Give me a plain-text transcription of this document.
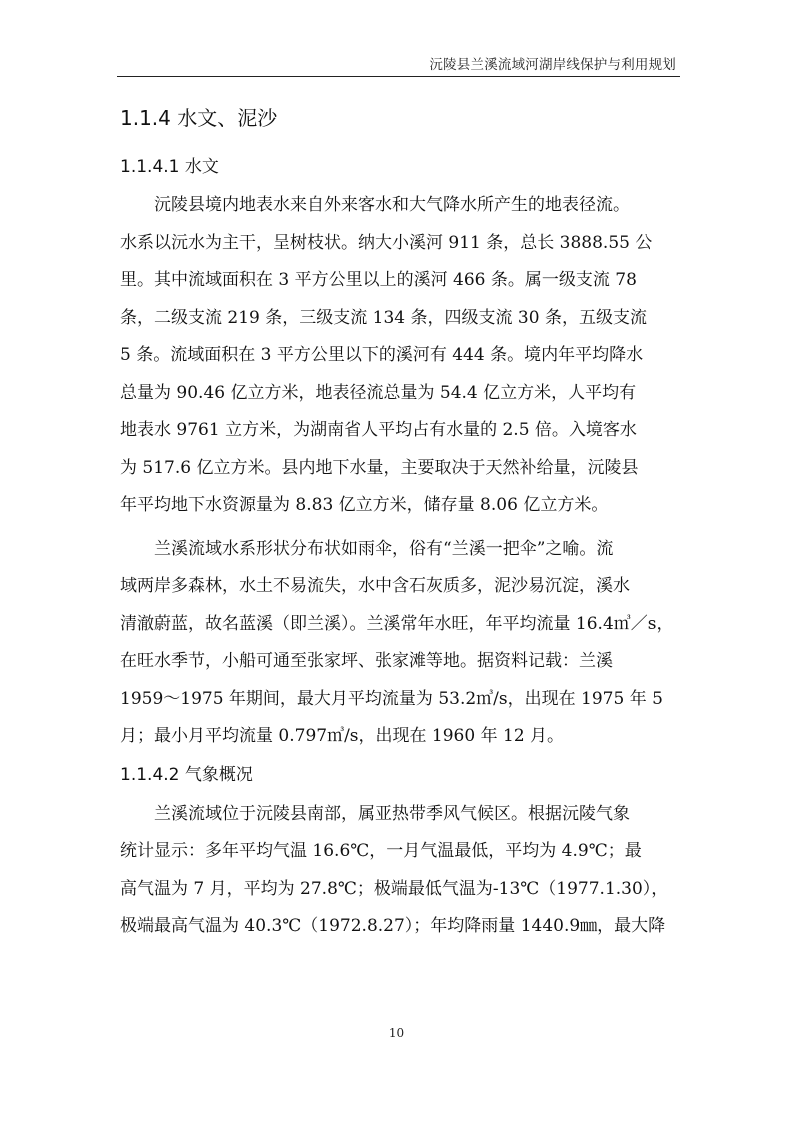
沅陵县兰溪流域河湖岸线保护与利用规划
1.1.4 水文、泥沙
1.1.4.1 水文
　　沅陵县境内地表水来自外来客水和大气降水所产生的地表径流。
水系以沅水为主干，呈树枝状。纳大小溪河 911 条，总长 3888.55 公
里。其中流域面积在 3 平方公里以上的溪河 466 条。属一级支流 78
条，二级支流 219 条，三级支流 134 条，四级支流 30 条，五级支流
5 条。流域面积在 3 平方公里以下的溪河有 444 条。境内年平均降水
总量为 90.46 亿立方米，地表径流总量为 54.4 亿立方米，人平均有
地表水 9761 立方米，为湖南省人平均占有水量的 2.5 倍。入境客水
为 517.6 亿立方米。县内地下水量，主要取决于天然补给量，沅陵县
年平均地下水资源量为 8.83 亿立方米，储存量 8.06 亿立方米。
　　兰溪流域水系形状分布状如雨伞，俗有“兰溪一把伞”之喻。流
域两岸多森林，水土不易流失，水中含石灰质多，泥沙易沉淀，溪水
清澈蔚蓝，故名蓝溪（即兰溪）。兰溪常年水旺，年平均流量 16.4㎥／s，
在旺水季节，小船可通至张家坪、张家滩等地。据资料记载：兰溪
1959～1975 年期间，最大月平均流量为 53.2㎥/s，出现在 1975 年 5
月；最小月平均流量 0.797㎥/s，出现在 1960 年 12 月。
1.1.4.2 气象概况
　　兰溪流域位于沅陵县南部，属亚热带季风气候区。根据沅陵气象
统计显示：多年平均气温 16.6℃，一月气温最低，平均为 4.9℃；最
高气温为 7 月，平均为 27.8℃；极端最低气温为-13℃（1977.1.30），
极端最高气温为 40.3℃（1972.8.27）；年均降雨量 1440.9㎜，最大降
10
